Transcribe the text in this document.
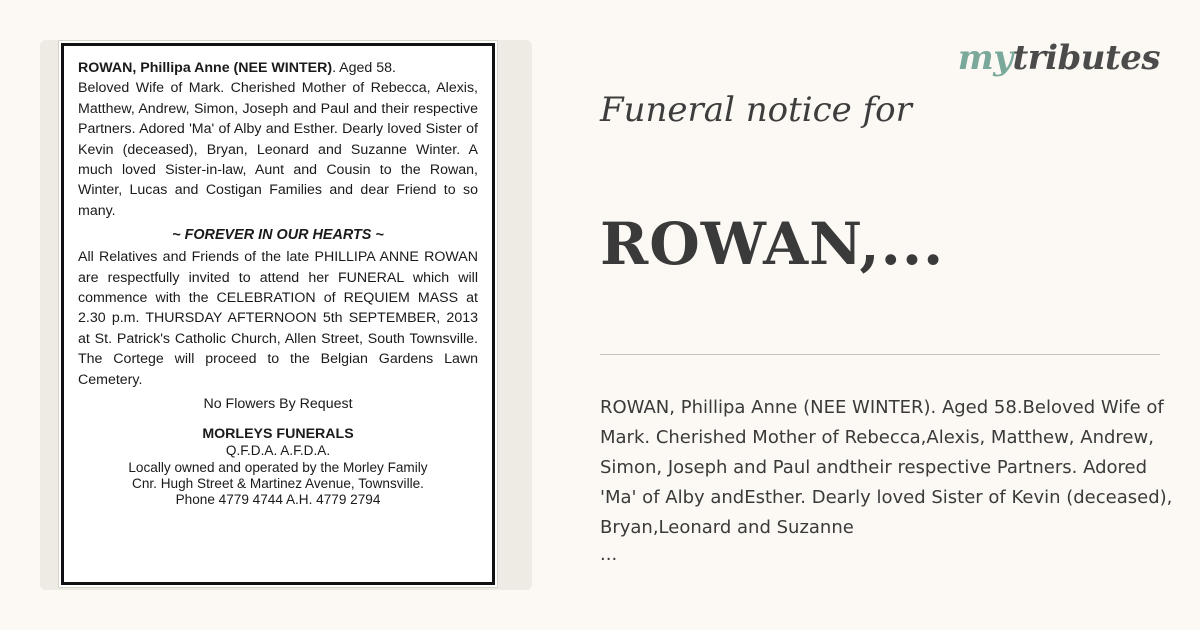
ROWAN, Phillipa Anne (NEE WINTER). Aged 58.

Beloved Wife of Mark. Cherished Mother of Rebecca, Alexis, Matthew, Andrew, Simon, Joseph and Paul and their respective Partners. Adored 'Ma' of Alby and Esther. Dearly loved Sister of Kevin (deceased), Bryan, Leonard and Suzanne Winter. A much loved Sister-in-law, Aunt and Cousin to the Rowan, Winter, Lucas and Costigan Families and dear Friend to so many.

~ FOREVER IN OUR HEARTS ~

All Relatives and Friends of the late PHILLIPA ANNE ROWAN are respectfully invited to attend her FUNERAL which will commence with the CELEBRATION of REQUIEM MASS at 2.30 p.m. THURSDAY AFTERNOON 5th SEPTEMBER, 2013 at St. Patrick's Catholic Church, Allen Street, South Townsville. The Cortege will proceed to the Belgian Gardens Lawn Cemetery.

No Flowers By Request

MORLEYS FUNERALS

Q.F.D.A. A.F.D.A.

Locally owned and operated by the Morley Family

Cnr. Hugh Street & Martinez Avenue, Townsville.

Phone 4779 4744 A.H. 4779 2794

mytributes
Funeral notice for
ROWAN,...
ROWAN, Phillipa Anne (NEE WINTER). Aged 58.Beloved Wife of Mark. Cherished Mother of Rebecca,Alexis, Matthew, Andrew, Simon, Joseph and Paul andtheir respective Partners. Adored 'Ma' of Alby andEsther. Dearly loved Sister of Kevin (deceased), Bryan,Leonard and Suzanne
...
